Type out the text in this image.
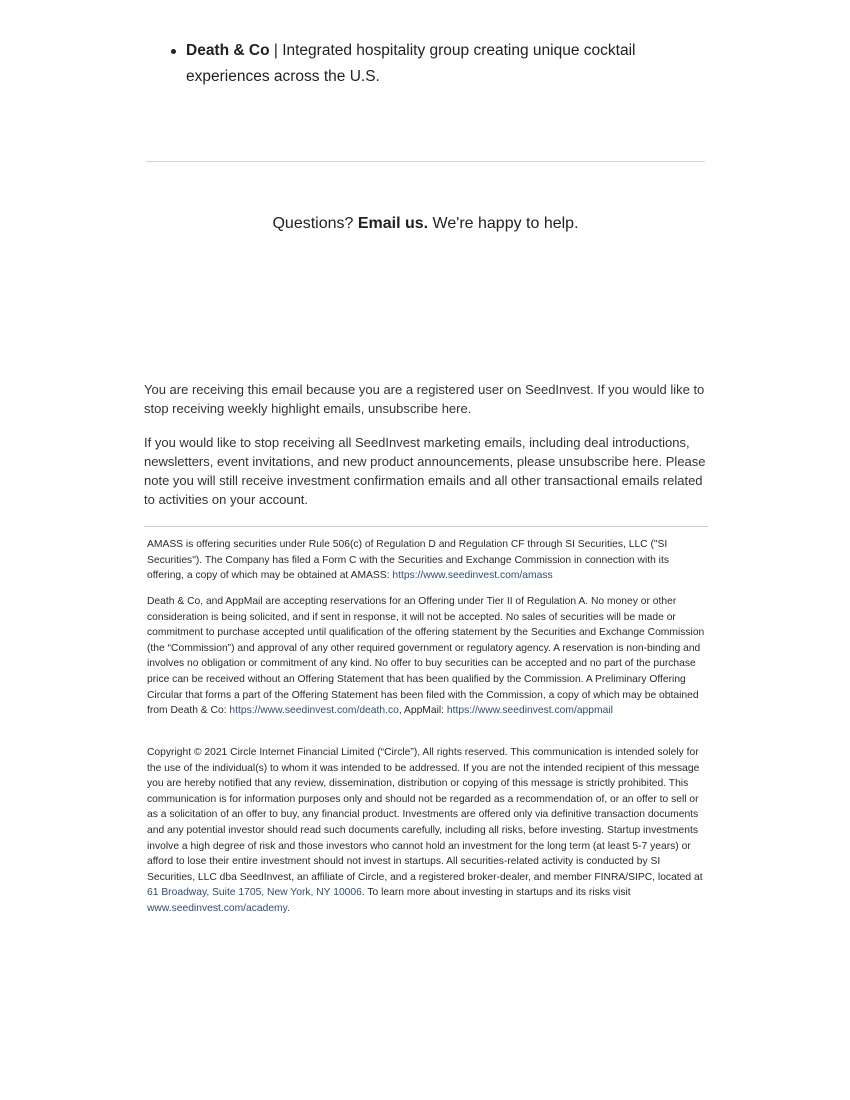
Death & Co | Integrated hospitality group creating unique cocktail experiences across the U.S.
Questions? Email us. We're happy to help.

You are receiving this email because you are a registered user on SeedInvest. If you would like to stop receiving weekly highlight emails, unsubscribe here.

If you would like to stop receiving all SeedInvest marketing emails, including deal introductions, newsletters, event invitations, and new product announcements, please unsubscribe here. Please note you will still receive investment confirmation emails and all other transactional emails related to activities on your account.

AMASS is offering securities under Rule 506(c) of Regulation D and Regulation CF through SI Securities, LLC ("SI Securities"). The Company has filed a Form C with the Securities and Exchange Commission in connection with its offering, a copy of which may be obtained at AMASS: https://www.seedinvest.com/amass

Death & Co, and AppMail are accepting reservations for an Offering under Tier II of Regulation A. No money or other consideration is being solicited, and if sent in response, it will not be accepted. No sales of securities will be made or commitment to purchase accepted until qualification of the offering statement by the Securities and Exchange Commission (the “Commission”) and approval of any other required government or regulatory agency. A reservation is non-binding and involves no obligation or commitment of any kind. No offer to buy securities can be accepted and no part of the purchase price can be received without an Offering Statement that has been qualified by the Commission. A Preliminary Offering Circular that forms a part of the Offering Statement has been filed with the Commission, a copy of which may be obtained from Death & Co: https://www.seedinvest.com/death.co, AppMail: https://www.seedinvest.com/appmail

Copyright © 2021 Circle Internet Financial Limited (“Circle”), All rights reserved. This communication is intended solely for the use of the individual(s) to whom it was intended to be addressed. If you are not the intended recipient of this message you are hereby notified that any review, dissemination, distribution or copying of this message is strictly prohibited. This communication is for information purposes only and should not be regarded as a recommendation of, or an offer to sell or as a solicitation of an offer to buy, any financial product. Investments are offered only via definitive transaction documents and any potential investor should read such documents carefully, including all risks, before investing. Startup investments involve a high degree of risk and those investors who cannot hold an investment for the long term (at least 5-7 years) or afford to lose their entire investment should not invest in startups. All securities-related activity is conducted by SI Securities, LLC dba SeedInvest, an affiliate of Circle, and a registered broker-dealer, and member FINRA/SIPC, located at 61 Broadway, Suite 1705, New York, NY 10006. To learn more about investing in startups and its risks visit www.seedinvest.com/academy.
